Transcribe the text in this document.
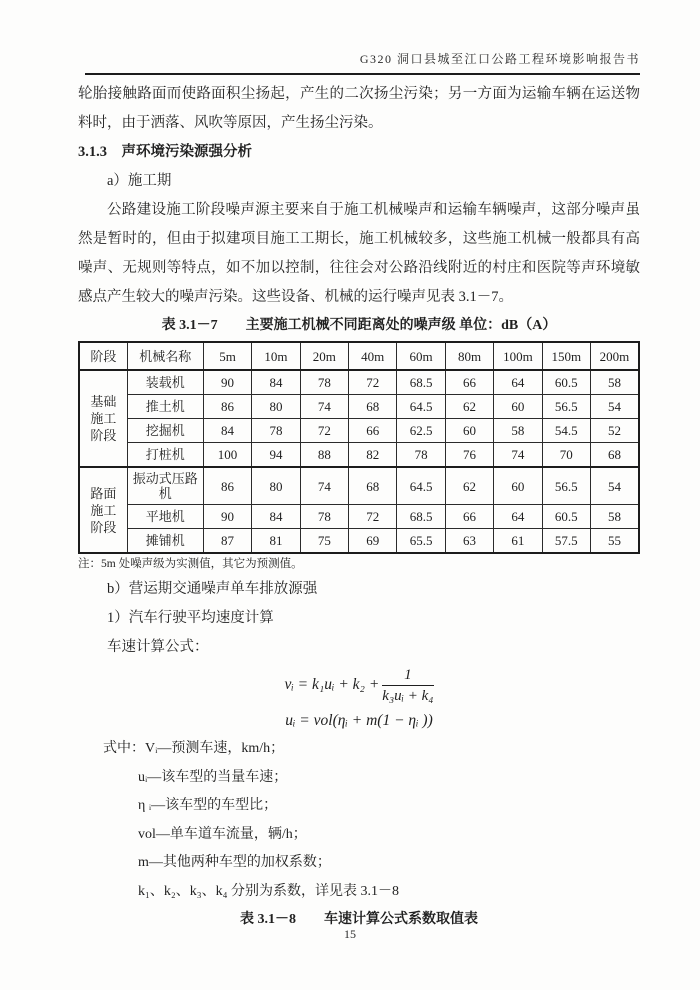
G320 洞口县城至江口公路工程环境影响报告书

轮胎接触路面而使路面积尘扬起，产生的二次扬尘污染；另一方面为运输车辆在运送物料时，由于洒落、风吹等原因，产生扬尘污染。

3.1.3　声环境污染源强分析

a）施工期

公路建设施工阶段噪声源主要来自于施工机械噪声和运输车辆噪声，这部分噪声虽然是暂时的，但由于拟建项目施工工期长，施工机械较多，这些施工机械一般都具有高噪声、无规则等特点，如不加以控制，往往会对公路沿线附近的村庄和医院等声环境敏感点产生较大的噪声污染。这些设备、机械的运行噪声见表 3.1－7。

表 3.1－7　　主要施工机械不同距离处的噪声级 单位：dB（A）

阶段	机械名称	5m	10m	20m	40m	60m	80m	100m	150m	200m
基础施工阶段	装载机	90	84	78	72	68.5	66	64	60.5	58
	推土机	86	80	74	68	64.5	62	60	56.5	54
	挖掘机	84	78	72	66	62.5	60	58	54.5	52
	打桩机	100	94	88	82	78	76	74	70	68
路面施工阶段	振动式压路机	86	80	74	68	64.5	62	60	56.5	54
	平地机	90	84	78	72	68.5	66	64	60.5	58
	摊铺机	87	81	75	69	65.5	63	61	57.5	55

注：5m 处噪声级为实测值，其它为预测值。

b）营运期交通噪声单车排放源强

1）汽车行驶平均速度计算

车速计算公式：

vᵢ = k₁uᵢ + $k_2 + \frac{1}{\text{k₃uᵢ + k₄}}$
uᵢ = vol(ηᵢ + m(1 − ηᵢ ))
式中：Vᵢ—预测车速，km/h；
uᵢ—该车型的当量车速；
η ᵢ—该车型的车型比；
vol—单车道车流量，辆/h；
m—其他两种车型的加权系数；
k₁、k₂、k₃、k₄ 分别为系数，详见表 3.1－8

表 3.1－8　　车速计算公式系数取值表

15
